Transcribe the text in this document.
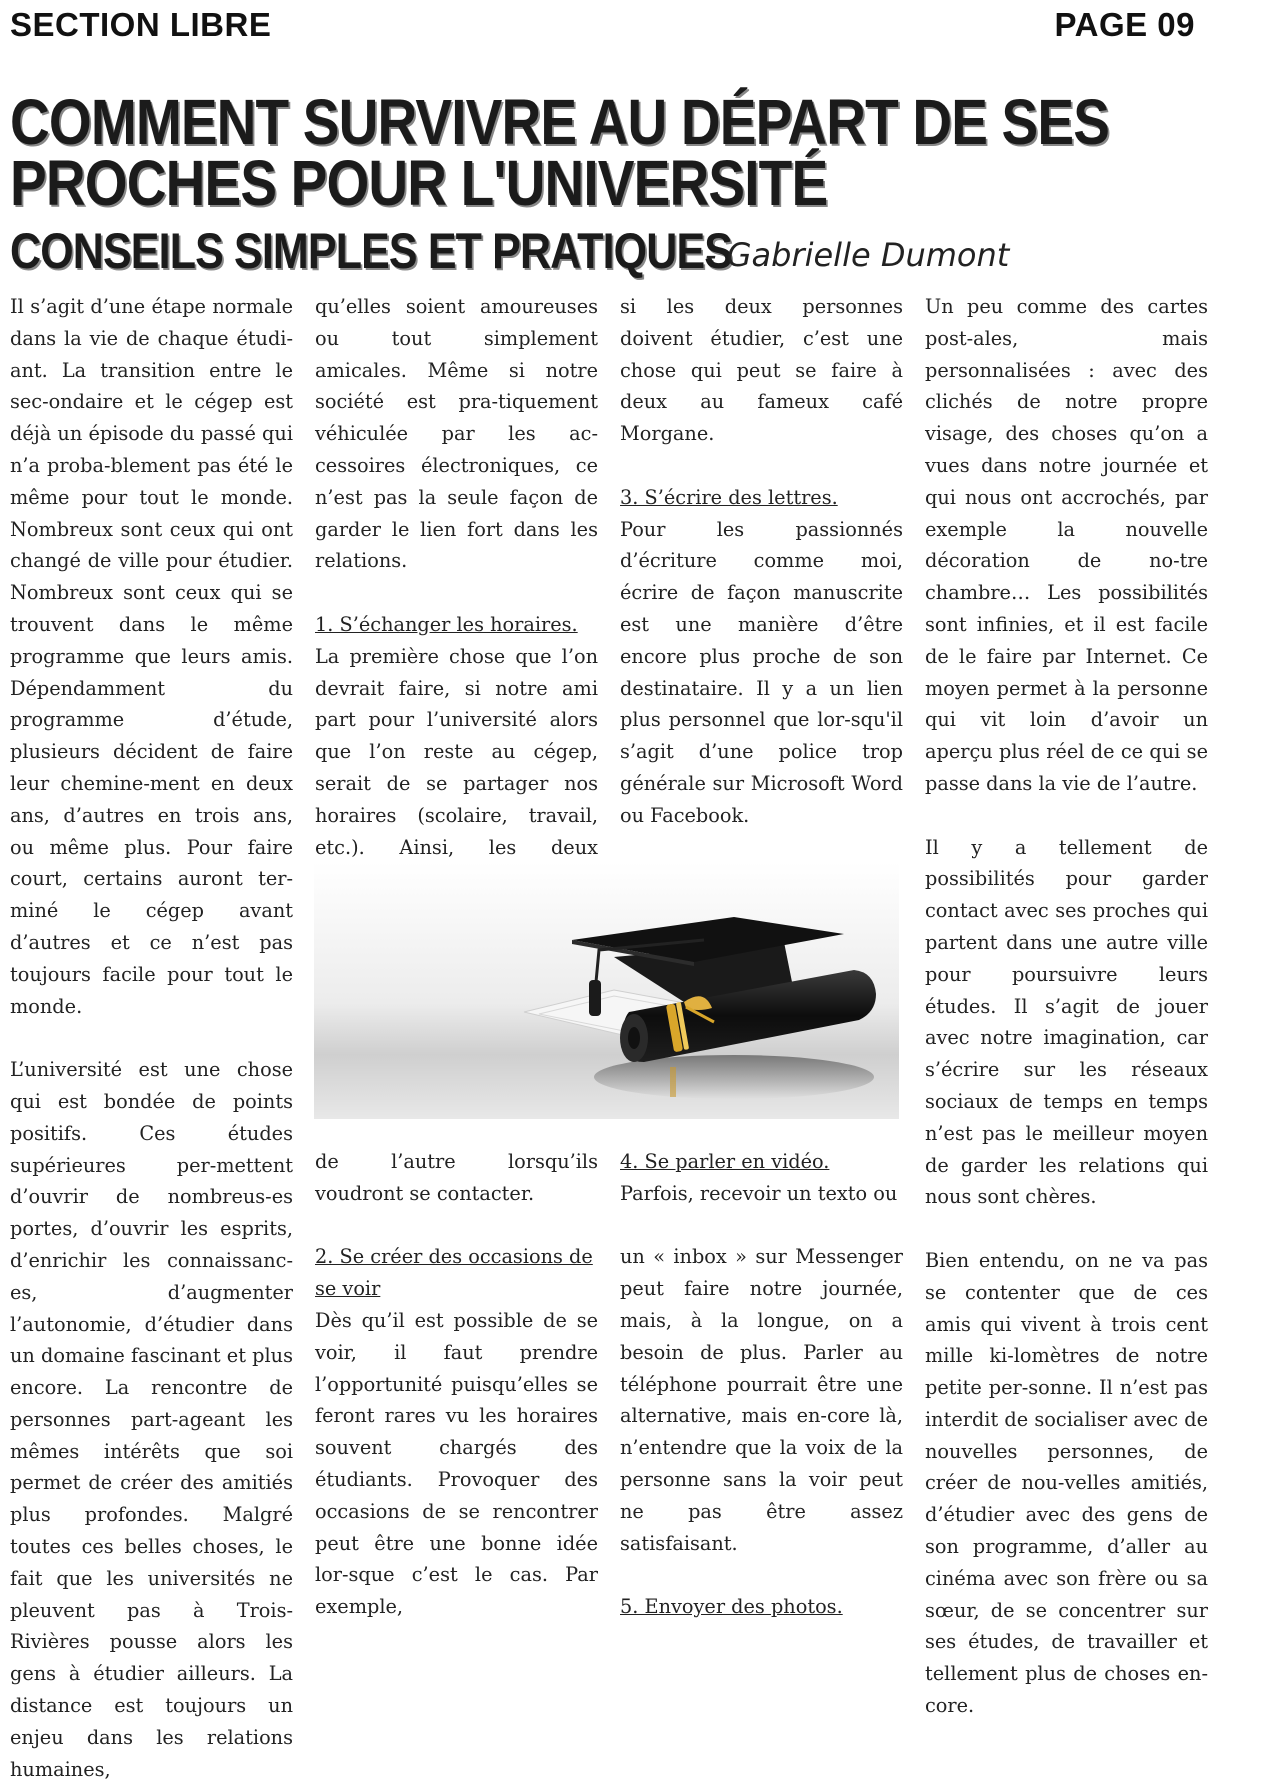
SECTION LIBRE	PAGE 09
COMMENT SURVIVRE AU DÉPART DE SES
PROCHES POUR L'UNIVERSITÉ
CONSEILS SIMPLES ET PRATIQUES
- Gabrielle Dumont

Il s’agit d’une étape normale dans la vie de chaque étudi-ant. La transition entre le sec-ondaire et le cégep est déjà un épisode du passé qui n’a proba-blement pas été le même pour tout le monde. Nombreux sont ceux qui ont changé de ville pour étudier. Nombreux sont ceux qui se trouvent dans le même programme que leurs amis. Dépendamment du programme d’étude, plusieurs décident de faire leur chemine-ment en deux ans, d’autres en trois ans, ou même plus. Pour faire court, certains auront ter-miné le cégep avant d’autres et ce n’est pas toujours facile pour tout le monde.

L’université est une chose qui est bondée de points positifs. Ces études supérieures per-mettent d’ouvrir de nombreus-es portes, d’ouvrir les esprits, d’enrichir les connaissanc-es, d’augmenter l’autonomie, d’étudier dans un domaine fascinant et plus encore. La rencontre de personnes part-ageant les mêmes intérêts que soi permet de créer des amitiés plus profondes. Malgré toutes ces belles choses, le fait que les universités ne pleuvent pas à Trois-Rivières pousse alors les gens à étudier ailleurs. La distance est toujours un enjeu dans les relations humaines,

qu’elles soient amoureuses ou tout simplement amicales. Même si notre société est pra-tiquement véhiculée par les ac-cessoires électroniques, ce n’est pas la seule façon de garder le lien fort dans les relations.

1. S’échanger les horaires.
La première chose que l’on devrait faire, si notre ami part pour l’université alors que l’on reste au cégep, serait de se partager nos horaires (scolaire, travail, etc.). Ainsi, les deux

de l’autre lorsqu’ils voudront se contacter.

2. Se créer des occasions de se voir
Dès qu’il est possible de se voir, il faut prendre l’opportunité puisqu’elles se feront rares vu les horaires souvent chargés des étudiants. Provoquer des occasions de se rencontrer peut être une bonne idée lor-sque c’est le cas. Par exemple,

si les deux personnes doivent étudier, c’est une chose qui peut se faire à deux au fameux café Morgane.

3. S’écrire des lettres.
Pour les passionnés d’écriture comme moi, écrire de façon manuscrite est une manière d’être encore plus proche de son destinataire. Il y a un lien plus personnel que lor-squ'il s’agit d’une police trop générale sur Microsoft Word ou Facebook.

4. Se parler en vidéo.
Parfois, recevoir un texto ou

un « inbox » sur Messenger peut faire notre journée, mais, à la longue, on a besoin de plus. Parler au téléphone pourrait être une alternative, mais en-core là, n’entendre que la voix de la personne sans la voir peut ne pas être assez satisfaisant.

5. Envoyer des photos.

Un peu comme des cartes post-ales, mais personnalisées : avec des clichés de notre propre visage, des choses qu’on a vues dans notre journée et qui nous ont accrochés, par exemple la nouvelle décoration de no-tre chambre… Les possibilités sont infinies, et il est facile de le faire par Internet. Ce moyen permet à la personne qui vit loin d’avoir un aperçu plus réel de ce qui se passe dans la vie de l’autre.

Il y a tellement de possibilités pour garder contact avec ses proches qui partent dans une autre ville pour poursuivre leurs études. Il s’agit de jouer avec notre imagination, car s’écrire sur les réseaux sociaux de temps en temps n’est pas le meilleur moyen de garder les relations qui nous sont chères.

Bien entendu, on ne va pas se contenter que de ces amis qui vivent à trois cent mille ki-lomètres de notre petite per-sonne. Il n’est pas interdit de socialiser avec de nouvelles personnes, de créer de nou-velles amitiés, d’étudier avec des gens de son programme, d’aller au cinéma avec son frère ou sa sœur, de se concentrer sur ses études, de travailler et tellement plus de choses en-core.
